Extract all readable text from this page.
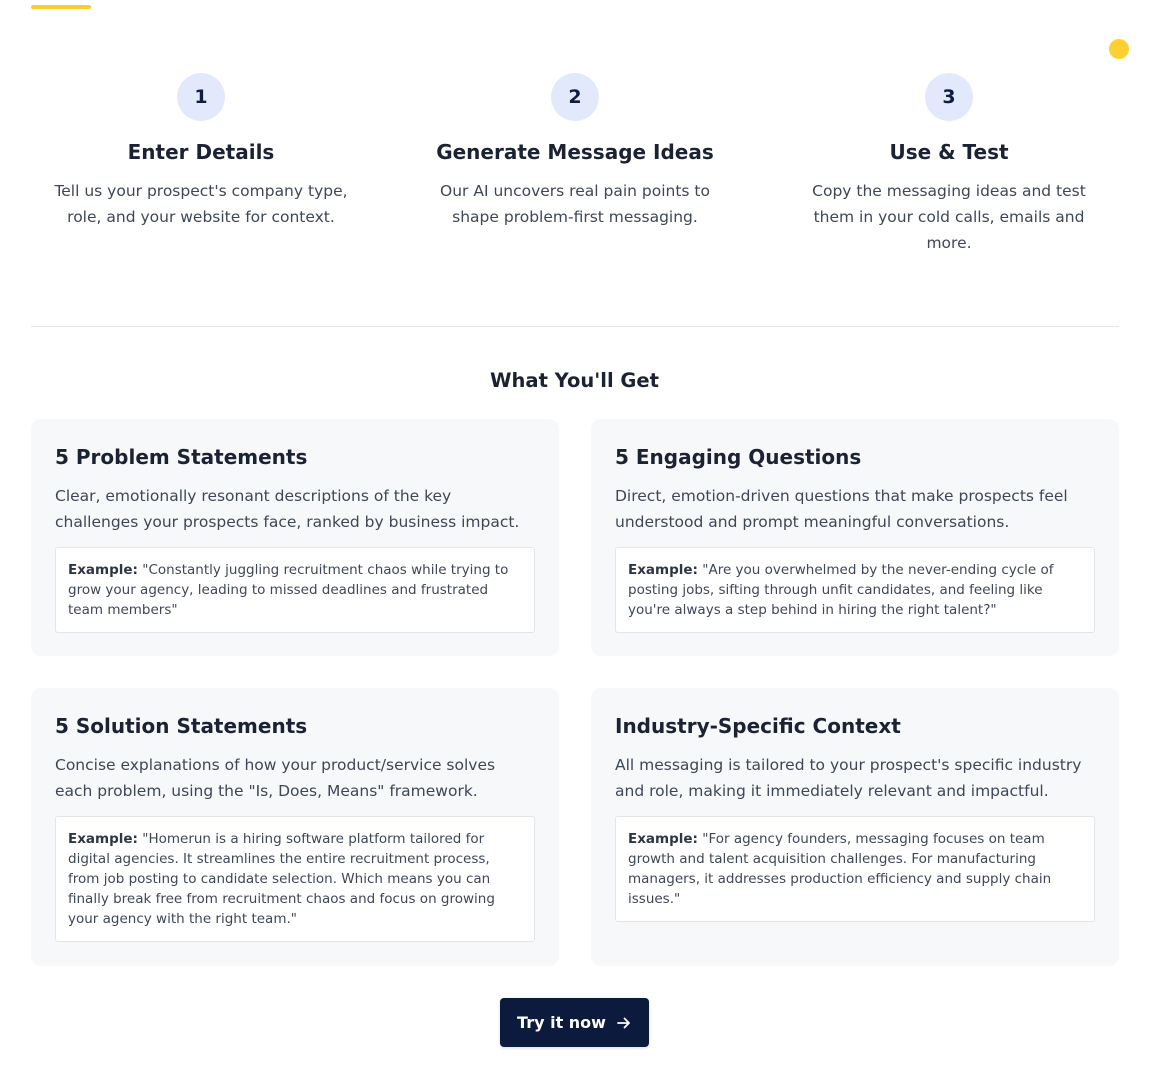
1
Enter Details
Tell us your prospect's company type, role, and your website for context.
2
Generate Message Ideas
Our AI uncovers real pain points to shape problem-first messaging.
3
Use & Test
Copy the messaging ideas and test them in your cold calls, emails and more.
What You'll Get
5 Problem Statements
Clear, emotionally resonant descriptions of the key challenges your prospects face, ranked by business impact.
Example: "Constantly juggling recruitment chaos while trying to grow your agency, leading to missed deadlines and frustrated team members"
5 Engaging Questions
Direct, emotion-driven questions that make prospects feel understood and prompt meaningful conversations.
Example: "Are you overwhelmed by the never-ending cycle of posting jobs, sifting through unfit candidates, and feeling like you're always a step behind in hiring the right talent?"
5 Solution Statements
Concise explanations of how your product/service solves each problem, using the "Is, Does, Means" framework.
Example: "Homerun is a hiring software platform tailored for digital agencies. It streamlines the entire recruitment process, from job posting to candidate selection. Which means you can finally break free from recruitment chaos and focus on growing your agency with the right team."
Industry-Specific Context
All messaging is tailored to your prospect's specific industry and role, making it immediately relevant and impactful.
Example: "For agency founders, messaging focuses on team growth and talent acquisition challenges. For manufacturing managers, it addresses production efficiency and supply chain issues."
Try it now
